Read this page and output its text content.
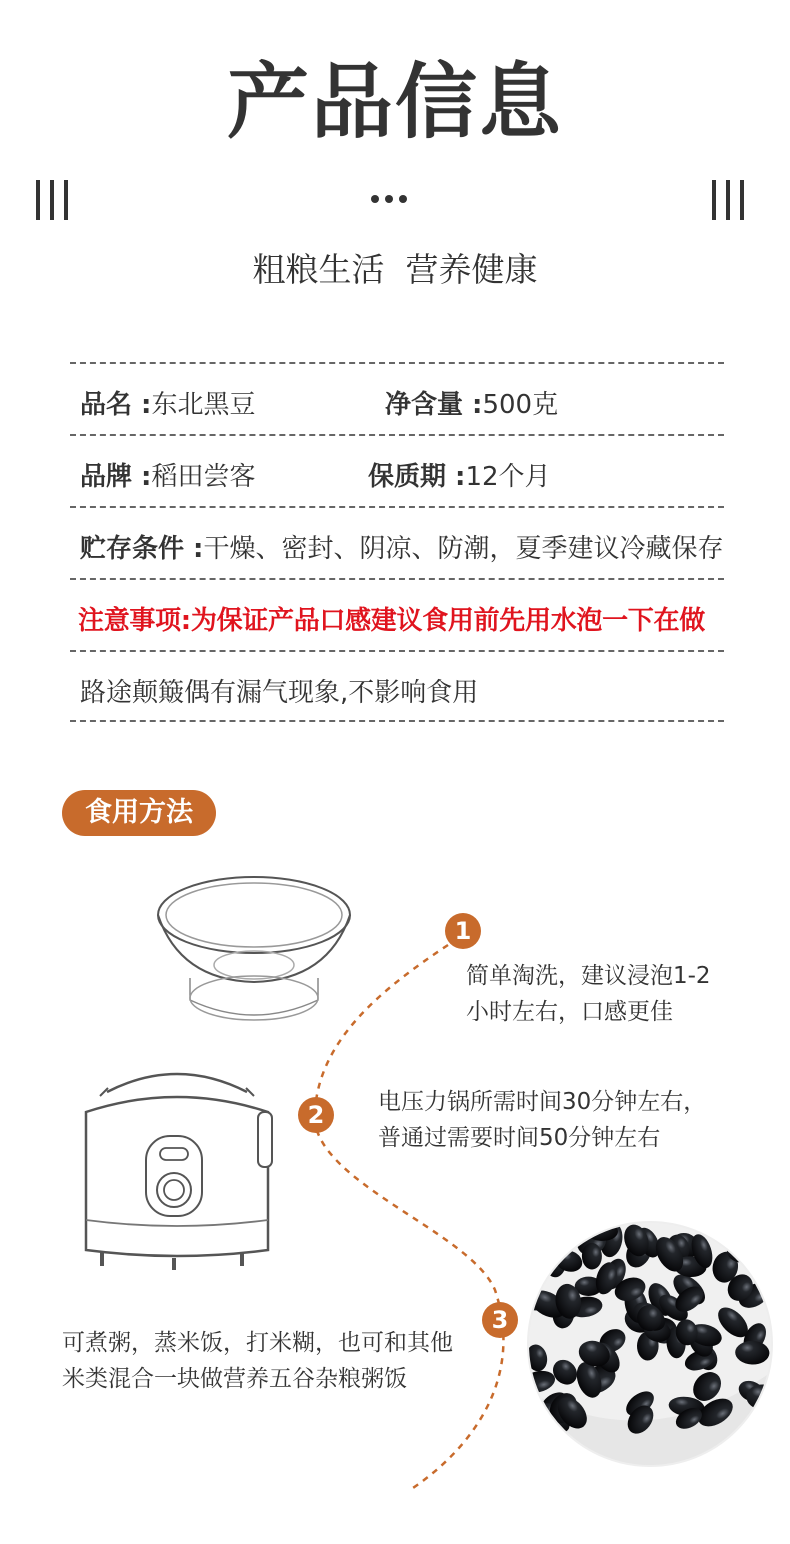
产品信息
粗粮生活  营养健康
品名 :东北黑豆	净含量 :500克
品牌 :稻田尝客	保质期 :12个月
贮存条件 :干燥、密封、阴凉、防潮，夏季建议冷藏保存
注意事项:为保证产品口感建议食用前先用水泡一下在做
路途颠簸偶有漏气现象,不影响食用
食用方法
1
简单淘洗，建议浸泡1-2
小时左右，口感更佳
2	电压力锅所需时间30分钟左右，
普通过需要时间50分钟左右
3
可煮粥，蒸米饭，打米糊，也可和其他
米类混合一块做营养五谷杂粮粥饭
